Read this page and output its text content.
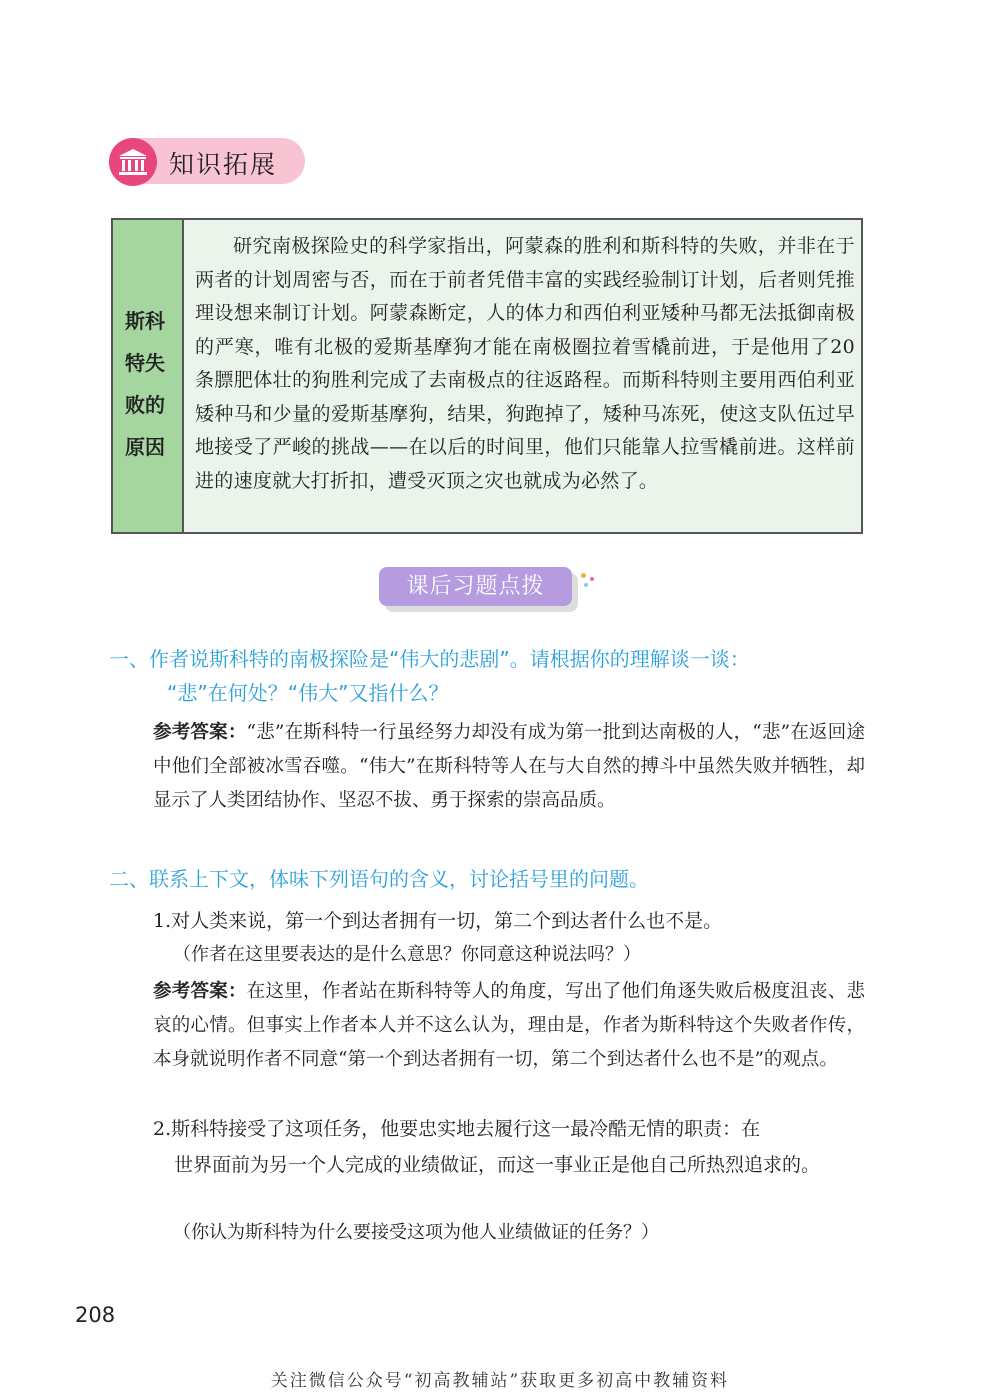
知识拓展
斯科特失败的原因
研究南极探险史的科学家指出，阿蒙森的胜利和斯科特的失败，并非在于两者的计划周密与否，而在于前者凭借丰富的实践经验制订计划，后者则凭推理设想来制订计划。阿蒙森断定，人的体力和西伯利亚矮种马都无法抵御南极的严寒，唯有北极的爱斯基摩狗才能在南极圈拉着雪橇前进，于是他用了20条膘肥体壮的狗胜利完成了去南极点的往返路程。而斯科特则主要用西伯利亚矮种马和少量的爱斯基摩狗，结果，狗跑掉了，矮种马冻死，使这支队伍过早地接受了严峻的挑战——在以后的时间里，他们只能靠人拉雪橇前进。这样前进的速度就大打折扣，遭受灭顶之灾也就成为必然了。
课后习题点拨
一、作者说斯科特的南极探险是“伟大的悲剧”。请根据你的理解谈一谈：
“悲”在何处？“伟大”又指什么？
参考答案：“悲”在斯科特一行虽经努力却没有成为第一批到达南极的人，“悲”在返回途中他们全部被冰雪吞噬。“伟大”在斯科特等人在与大自然的搏斗中虽然失败并牺牲，却显示了人类团结协作、坚忍不拔、勇于探索的崇高品质。
二、联系上下文，体味下列语句的含义，讨论括号里的问题。
1.对人类来说，第一个到达者拥有一切，第二个到达者什么也不是。
（作者在这里要表达的是什么意思？你同意这种说法吗？）
参考答案：在这里，作者站在斯科特等人的角度，写出了他们角逐失败后极度沮丧、悲哀的心情。但事实上作者本人并不这么认为，理由是，作者为斯科特这个失败者作传，本身就说明作者不同意“第一个到达者拥有一切，第二个到达者什么也不是”的观点。
2.斯科特接受了这项任务，他要忠实地去履行这一最冷酷无情的职责：在
世界面前为另一个人完成的业绩做证，而这一事业正是他自己所热烈追求的。
（你认为斯科特为什么要接受这项为他人业绩做证的任务？）
208
关注微信公众号“初高教辅站”获取更多初高中教辅资料
